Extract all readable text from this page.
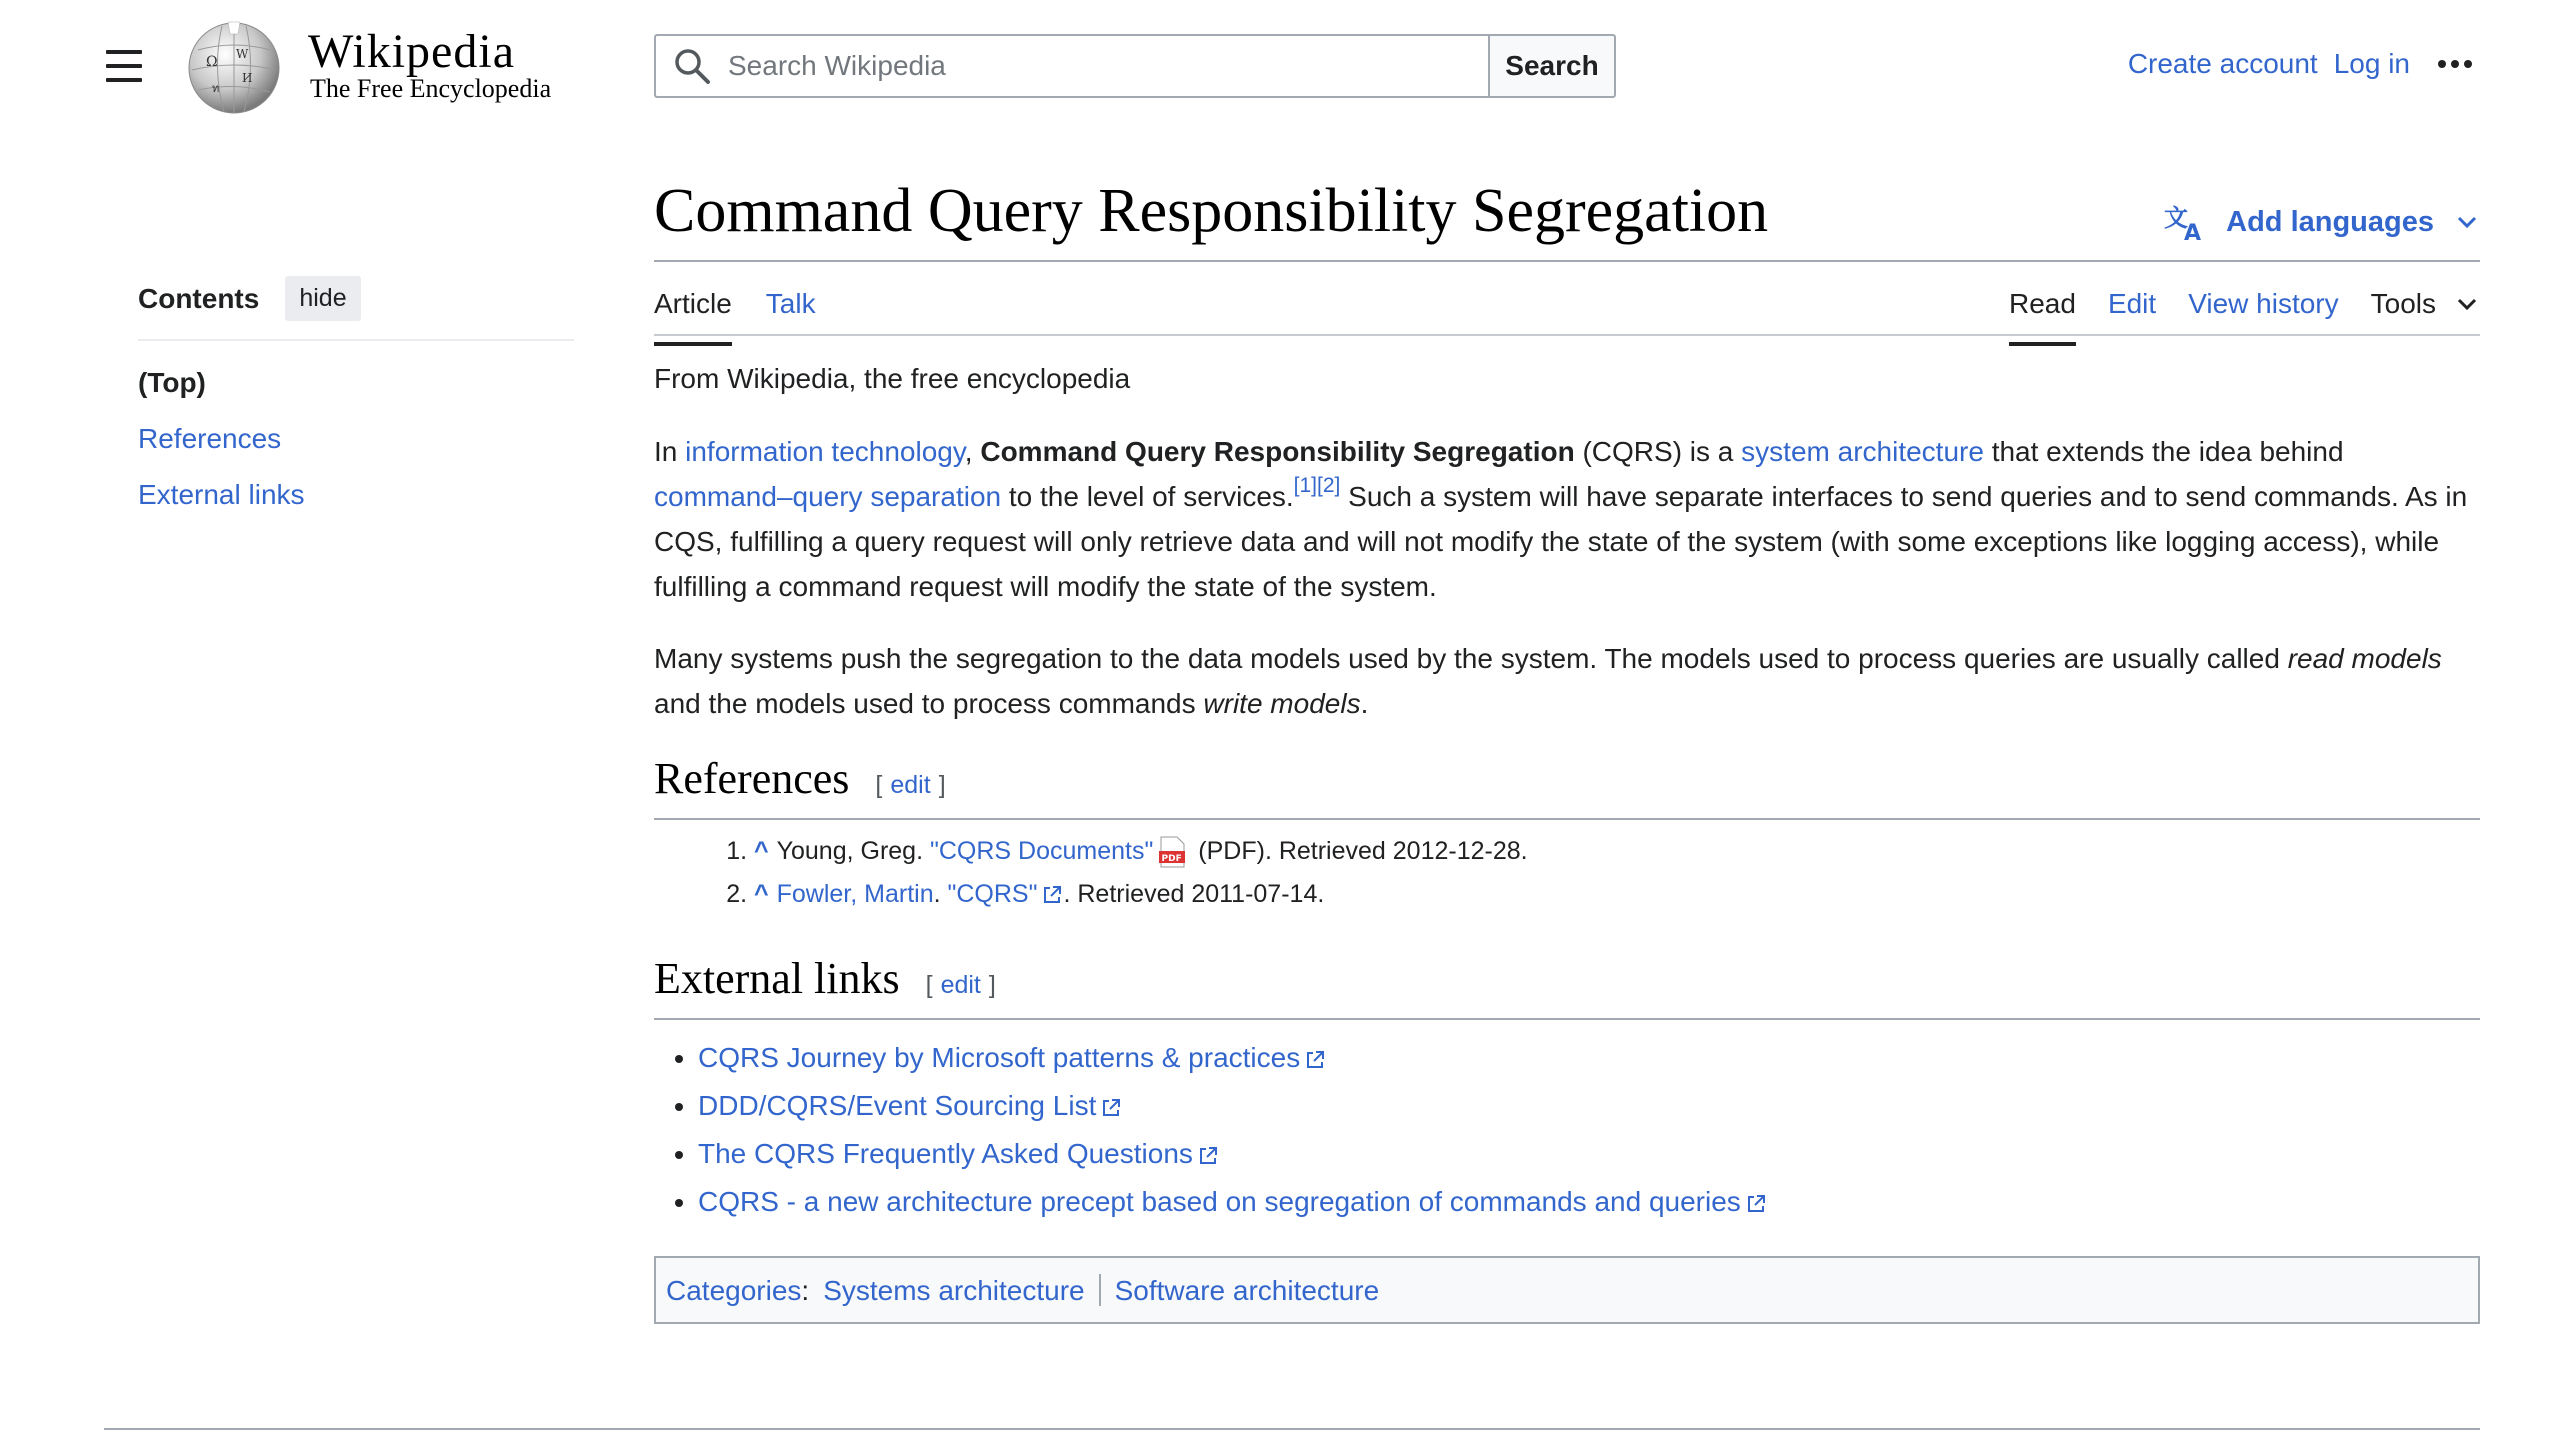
Ω W
И
ท
Wikipedia
The Free Encyclopedia
Search Wikipedia
Search	Create account Log in
Command Query Responsibility Segregation	文
A Add languages
Article Talk	Read Edit View history Tools
Contents	hide
(Top)
References
External links
From Wikipedia, the free encyclopedia

In information technology, Command Query Responsibility Segregation (CQRS) is a system architecture that extends the idea behind command–query separation to the level of services.[1][2] Such a system will have separate interfaces to send queries and to send commands. As in CQS, fulfilling a query request will only retrieve data and will not modify the state of the system (with some exceptions like logging access), while fulfilling a command request will modify the state of the system.

Many systems push the segregation to the data models used by the system. The models used to process queries are usually called read models and the models used to process commands write models.

References [ edit ]
1. ^ Young, Greg. "CQRS Documents" PDF (PDF). Retrieved 2012-12-28.
2. ^ Fowler, Martin. "CQRS" . Retrieved 2011-07-14.
External links [ edit ]
• CQRS Journey by Microsoft patterns & practices
• DDD/CQRS/Event Sourcing List
• The CQRS Frequently Asked Questions
• CQRS - a new architecture precept based on segregation of commands and queries
Categories : Systems architecture Software architecture
